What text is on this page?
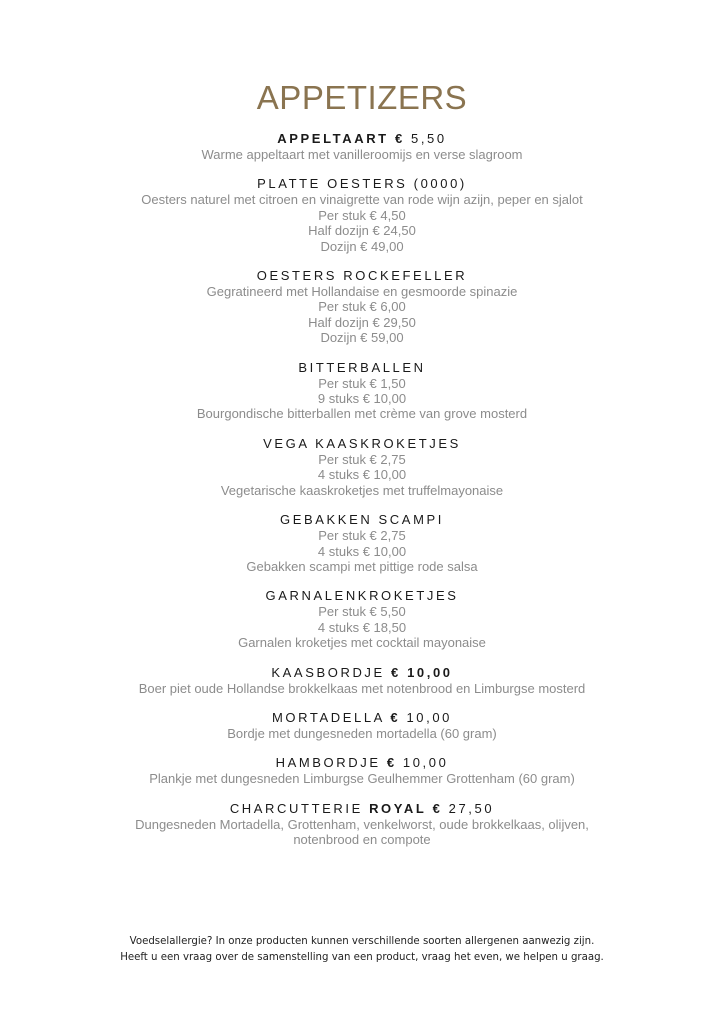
APPETIZERS
APPELTAART € 5,50
Warme appeltaart met vanilleroomijs en verse slagroom
PLATTE OESTERS (0000)
Oesters naturel met citroen en vinaigrette van rode wijn azijn, peper en sjalot
Per stuk € 4,50
Half dozijn € 24,50
Dozijn € 49,00
OESTERS ROCKEFELLER
Gegratineerd met Hollandaise en gesmoorde spinazie
Per stuk € 6,00
Half dozijn € 29,50
Dozijn € 59,00
BITTERBALLEN
Per stuk € 1,50
9 stuks € 10,00
Bourgondische bitterballen met crème van grove mosterd
VEGA KAASKROKETJES
Per stuk € 2,75
4 stuks € 10,00
Vegetarische kaaskroketjes met truffelmayonaise
GEBAKKEN SCAMPI
Per stuk € 2,75
4 stuks € 10,00
Gebakken scampi met pittige rode salsa
GARNALENKROKETJES
Per stuk € 5,50
4 stuks € 18,50
Garnalen kroketjes met cocktail mayonaise
KAASBORDJE € 10,00
Boer piet oude Hollandse brokkelkaas met notenbrood en Limburgse mosterd
MORTADELLA € 10,00
Bordje met dungesneden mortadella (60 gram)
HAMBORDJE € 10,00
Plankje met dungesneden Limburgse Geulhemmer Grottenham (60 gram)
CHARCUTTERIE ROYAL € 27,50
Dungesneden Mortadella, Grottenham, venkelworst, oude brokkelkaas, olijven,
notenbrood en compote
Voedselallergie? In onze producten kunnen verschillende soorten allergenen aanwezig zijn.
Heeft u een vraag over de samenstelling van een product, vraag het even, we helpen u graag.
